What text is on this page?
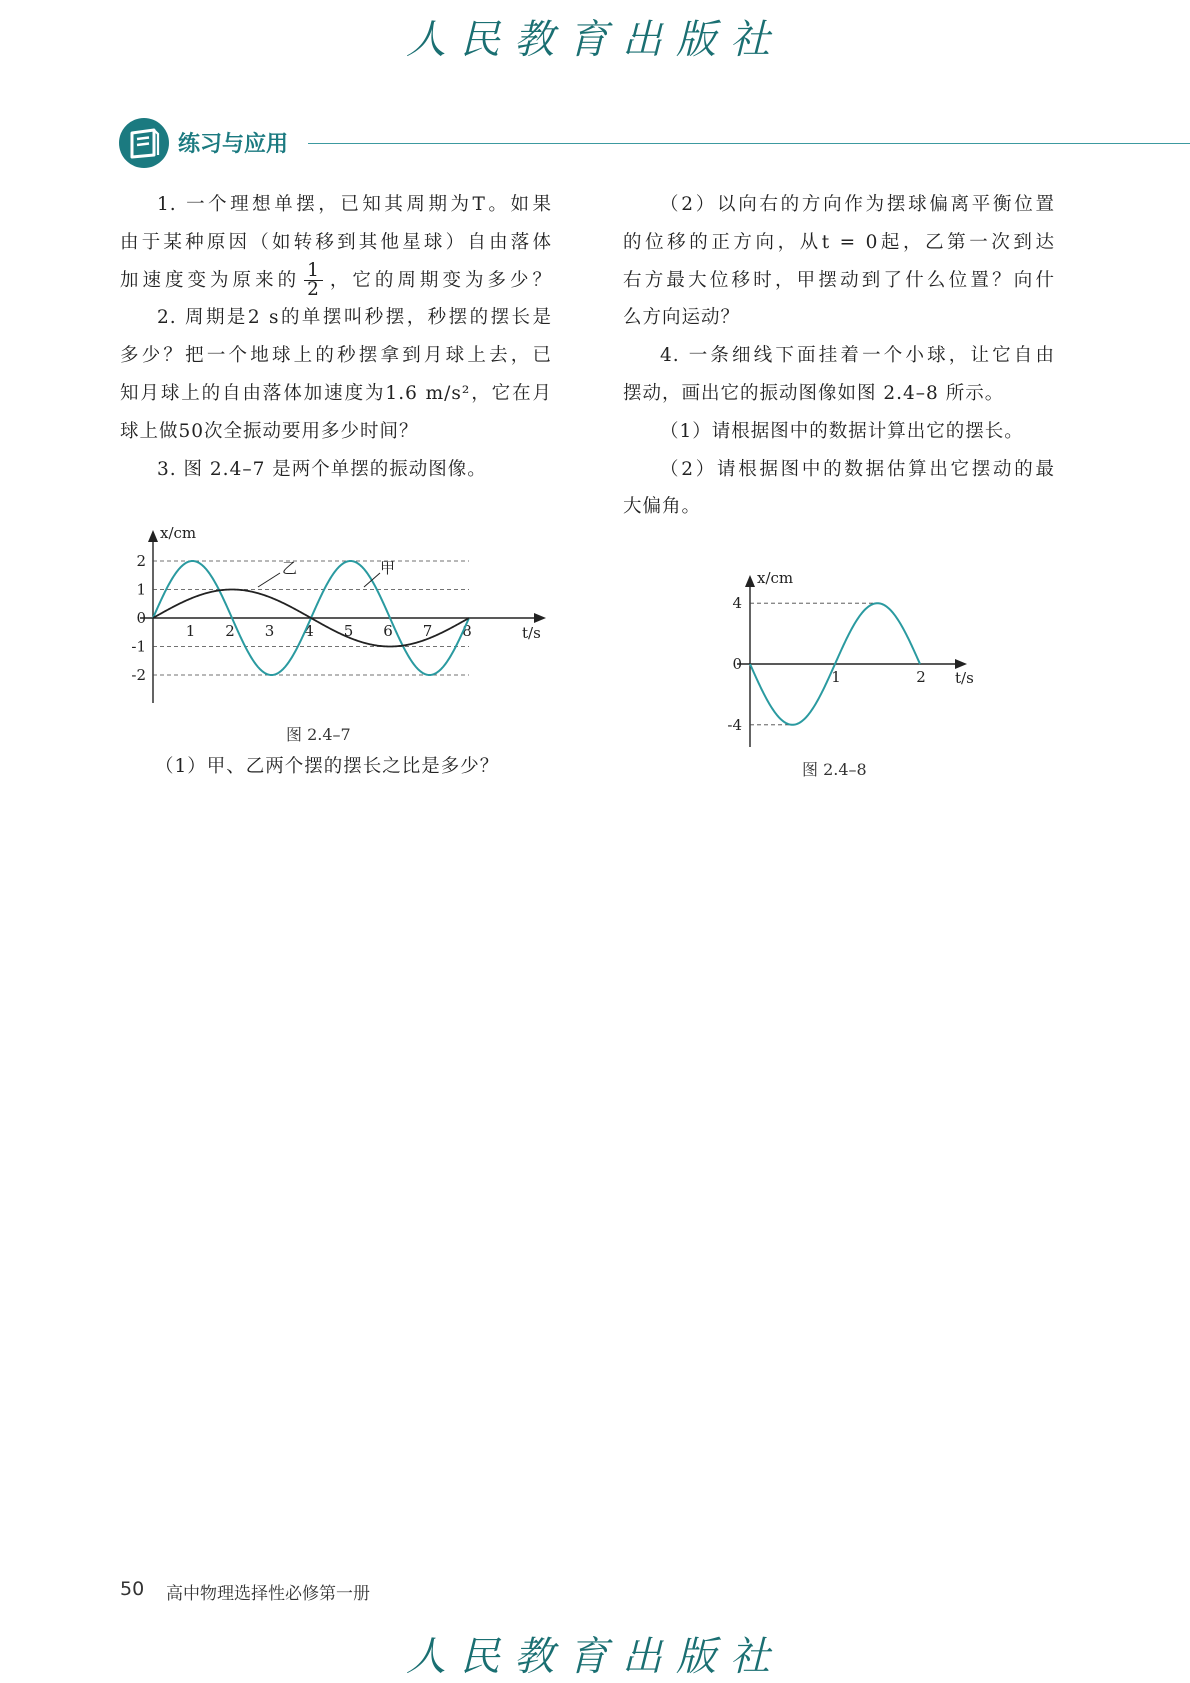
人民教育出版社
练习与应用

1. 一个理想单摆，已知其周期为T。如果

由于某种原因（如转移到其他星球）自由落体

加速度变为原来的 $\frac{1}{2}$ ，它的周期变为多少？

2. 周期是2 s的单摆叫秒摆，秒摆的摆长是

多少？把一个地球上的秒摆拿到月球上去，已

知月球上的自由落体加速度为1.6 m/s²，它在月

球上做50次全振动要用多少时间？

3. 图 2.4–7 是两个单摆的振动图像。

2
1
0
-1
-2
1 2 3 4 5 6 7 8
x/cm
t/s
乙	甲
图 2.4–7
（1）甲、乙两个摆的摆长之比是多少？

（2）以向右的方向作为摆球偏离平衡位置

的位移的正方向，从t = 0起，乙第一次到达

右方最大位移时，甲摆动到了什么位置？向什

么方向运动？

4. 一条细线下面挂着一个小球，让它自由

摆动，画出它的振动图像如图 2.4–8 所示。

（1）请根据图中的数据计算出它的摆长。

（2）请根据图中的数据估算出它摆动的最

大偏角。

4
0
-4
1	2
x/cm
t/s
图 2.4–8
50 高中物理选择性必修第一册
人民教育出版社
